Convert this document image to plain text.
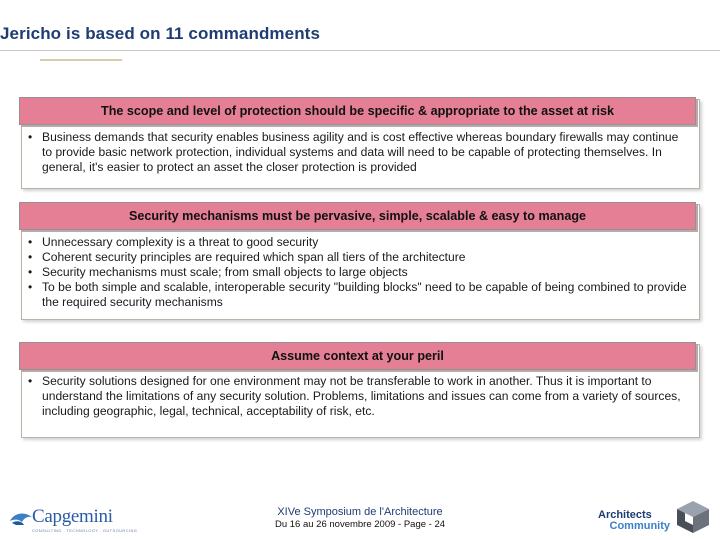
Jericho is based on 11 commandments
The scope and level of protection should be specific & appropriate to the asset at risk
• Business demands that security enables business agility and is cost effective whereas boundary firewalls may continue to provide basic network protection, individual systems and data will need to be capable of protecting themselves. In general, it's easier to protect an asset the closer protection is provided
Security mechanisms must be pervasive, simple, scalable & easy to manage
• Unnecessary complexity is a threat to good security
• Coherent security principles are required which span all tiers of the architecture
• Security mechanisms must scale; from small objects to large objects
• To be both simple and scalable, interoperable security "building blocks" need to be capable of being combined to provide the required security mechanisms
Assume context at your peril
• Security solutions designed for one environment may not be transferable to work in another. Thus it is important to understand the limitations of any security solution. Problems, limitations and issues can come from a variety of sources, including geographic, legal, technical, acceptability of risk, etc.
Capgemini
CONSULTING . TECHNOLOGY . OUTSOURCING
XIVe Symposium de l'Architecture
Du 16 au 26 novembre 2009 - Page - 24
Architects
Community
